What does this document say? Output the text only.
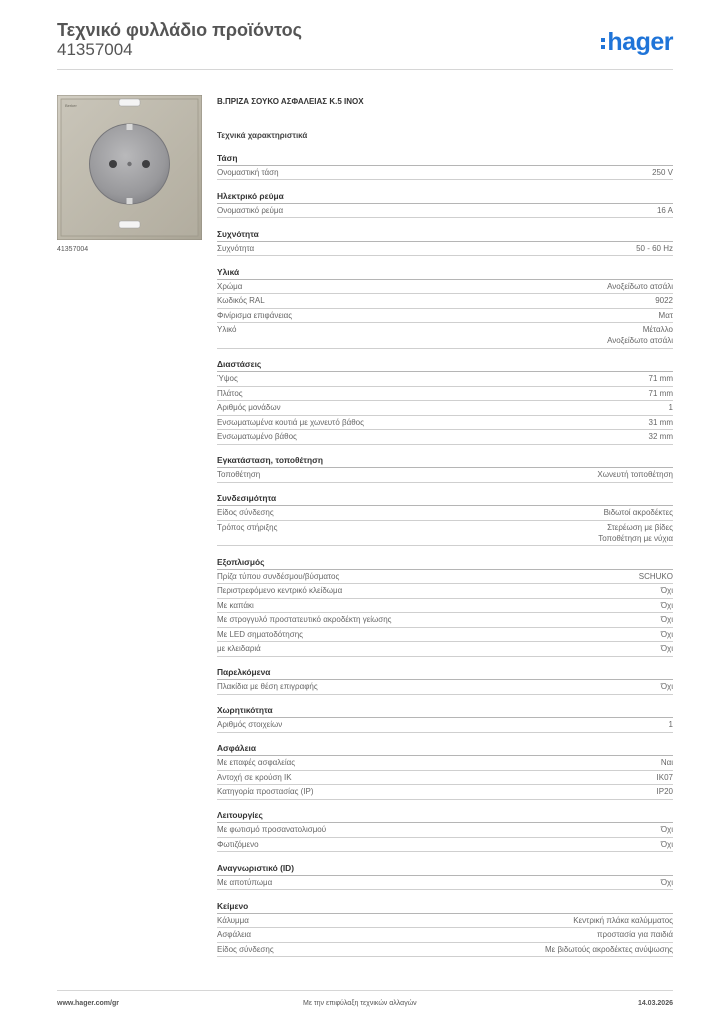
Τεχνικό φυλλάδιο προϊόντος
41357004	hager
Berker
41357004
Β.ΠΡΙΖΑ ΣΟΥΚΟ ΑΣΦΑΛΕΙΑΣ Κ.5 INOX
Τεχνικά χαρακτηριστικά
Τάση
Ονομαστική τάση	250 V
Ηλεκτρικό ρεύμα
Ονομαστικό ρεύμα	16 A
Συχνότητα
Συχνότητα	50 - 60 Hz
Υλικά
Χρώμα	Ανοξείδωτο ατσάλι
Κωδικός RAL	9022
Φινίρισμα επιφάνειας	Ματ
Υλικό	Μέταλλο
Ανοξείδωτο ατσάλι
Διαστάσεις
Ύψος	71 mm
Πλάτος	71 mm
Αριθμός μονάδων	1
Ενσωματωμένα κουτιά με χωνευτό βάθος	31 mm
Ενσωματωμένο βάθος	32 mm
Εγκατάσταση, τοποθέτηση
Τοποθέτηση	Χωνευτή τοποθέτηση
Συνδεσιμότητα
Είδος σύνδεσης	Βιδωτοί ακροδέκτες
Τρόπος στήριξης	Στερέωση με βίδες
Τοποθέτηση με νύχια
Εξοπλισμός
Πρίζα τύπου συνδέσμου/βύσματος	SCHUKO
Περιστρεφόμενο κεντρικό κλείδωμα	Όχι
Με καπάκι	Όχι
Με στρογγυλό προστατευτικό ακροδέκτη γείωσης	Όχι
Με LED σηματοδότησης	Όχι
με κλειδαριά	Όχι
Παρελκόμενα
Πλακίδια με θέση επιγραφής	Όχι
Χωρητικότητα
Αριθμός στοιχείων	1
Ασφάλεια
Με επαφές ασφαλείας	Ναι
Αντοχή σε κρούση ΙΚ	IK07
Κατηγορία προστασίας (IP)	IP20
Λειτουργίες
Με φωτισμό προσανατολισμού	Όχι
Φωτιζόμενο	Όχι
Αναγνωριστικό (ID)
Με αποτύπωμα	Όχι
Κείμενο
Κάλυμμα	Κεντρική πλάκα καλύμματος
Ασφάλεια	προστασία για παιδιά
Είδος σύνδεσης	Με βιδωτούς ακροδέκτες ανύψωσης
www.hager.com/gr	Με την επιφύλαξη τεχνικών αλλαγών	14.03.2026
